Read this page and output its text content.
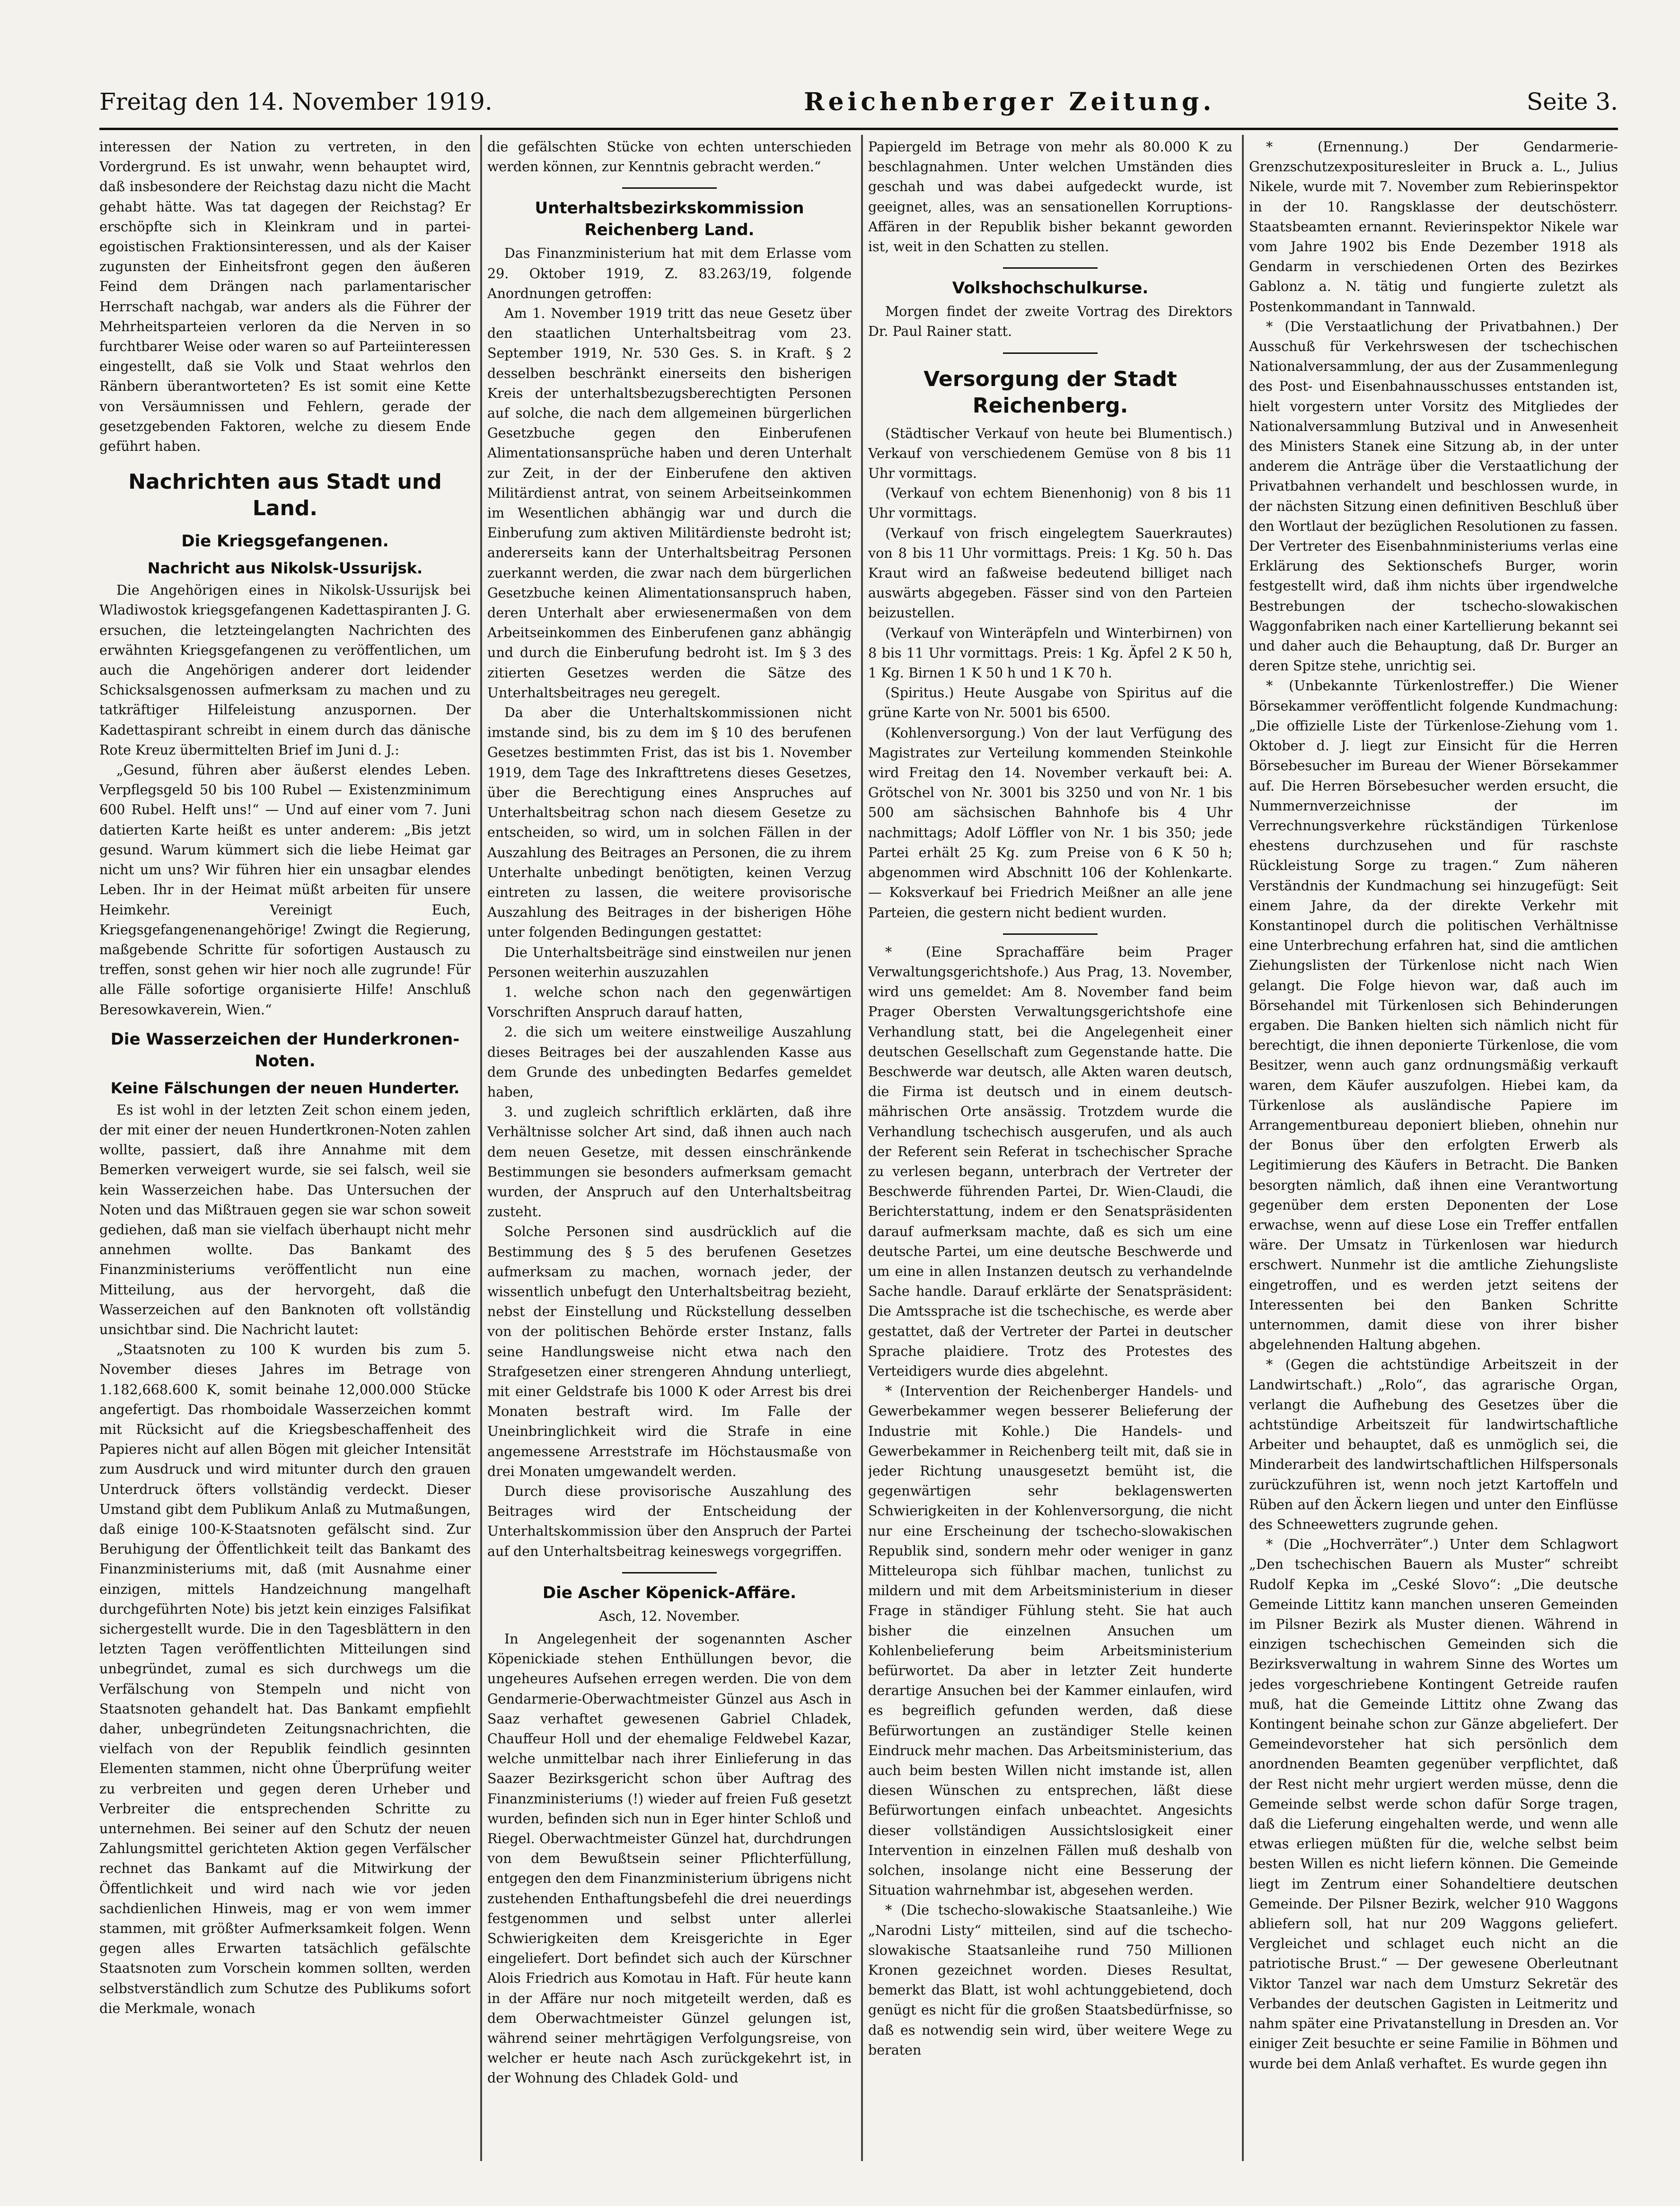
Freitag den 14. November 1919.	Reichenberger Zeitung.	Seite 3.

interessen der Nation zu vertreten, in den Vordergrund. Es ist unwahr, wenn behauptet wird, daß insbesondere der Reichstag dazu nicht die Macht gehabt hätte. Was tat dagegen der Reichstag? Er erschöpfte sich in Kleinkram und in partei-egoistischen Fraktionsinteressen, und als der Kaiser zugunsten der Einheitsfront gegen den äußeren Feind dem Drängen nach parlamentarischer Herrschaft nachgab, war anders als die Führer der Mehrheitsparteien verloren da die Nerven in so furchtbarer Weise oder waren so auf Parteiinteressen eingestellt, daß sie Volk und Staat wehrlos den Ränbern überantworteten? Es ist somit eine Kette von Versäumnissen und Fehlern, gerade der gesetzgebenden Faktoren, welche zu diesem Ende geführt haben.

Nachrichten aus Stadt und Land.
Die Kriegsgefangenen.
Nachricht aus Nikolsk-Ussurijsk.

Die Angehörigen eines in Nikolsk-Ussurijsk bei Wladiwostok kriegsgefangenen Kadettaspiranten J. G. ersuchen, die letzteingelangten Nachrichten des erwähnten Kriegsgefangenen zu veröffentlichen, um auch die Angehörigen anderer dort leidender Schicksalsgenossen aufmerksam zu machen und zu tatkräftiger Hilfeleistung anzuspornen. Der Kadettaspirant schreibt in einem durch das dänische Rote Kreuz übermittelten Brief im Juni d. J.:

„Gesund, führen aber äußerst elendes Leben. Verpflegsgeld 50 bis 100 Rubel — Existenzminimum 600 Rubel. Helft uns!“ — Und auf einer vom 7. Juni datierten Karte heißt es unter anderem: „Bis jetzt gesund. Warum kümmert sich die liebe Heimat gar nicht um uns? Wir führen hier ein unsagbar elendes Leben. Ihr in der Heimat müßt arbeiten für unsere Heimkehr. Vereinigt Euch, Kriegsgefangenenangehörige! Zwingt die Regierung, maßgebende Schritte für sofortigen Austausch zu treffen, sonst gehen wir hier noch alle zugrunde! Für alle Fälle sofortige organisierte Hilfe! Anschluß Beresowkaverein, Wien.“

Die Wasserzeichen der Hunderkronen-Noten.
Keine Fälschungen der neuen Hunderter.

Es ist wohl in der letzten Zeit schon einem jeden, der mit einer der neuen Hundertkronen-Noten zahlen wollte, passiert, daß ihre Annahme mit dem Bemerken verweigert wurde, sie sei falsch, weil sie kein Wasserzeichen habe. Das Untersuchen der Noten und das Mißtrauen gegen sie war schon soweit gediehen, daß man sie vielfach überhaupt nicht mehr annehmen wollte. Das Bankamt des Finanzministeriums veröffentlicht nun eine Mitteilung, aus der hervorgeht, daß die Wasserzeichen auf den Banknoten oft vollständig unsichtbar sind. Die Nachricht lautet:

„Staatsnoten zu 100 K wurden bis zum 5. November dieses Jahres im Betrage von 1.182,668.600 K, somit beinahe 12,000.000 Stücke angefertigt. Das rhomboidale Wasserzeichen kommt mit Rücksicht auf die Kriegsbeschaffenheit des Papieres nicht auf allen Bögen mit gleicher Intensität zum Ausdruck und wird mitunter durch den grauen Unterdruck öfters vollständig verdeckt. Dieser Umstand gibt dem Publikum Anlaß zu Mutmaßungen, daß einige 100-K-Staatsnoten gefälscht sind. Zur Beruhigung der Öffentlichkeit teilt das Bankamt des Finanzministeriums mit, daß (mit Ausnahme einer einzigen, mittels Handzeichnung mangelhaft durchgeführten Note) bis jetzt kein einziges Falsifikat sichergestellt wurde. Die in den Tagesblättern in den letzten Tagen veröffentlichten Mitteilungen sind unbegründet, zumal es sich durchwegs um die Verfälschung von Stempeln und nicht von Staatsnoten gehandelt hat. Das Bankamt empfiehlt daher, unbegründeten Zeitungsnachrichten, die vielfach von der Republik feindlich gesinnten Elementen stammen, nicht ohne Überprüfung weiter zu verbreiten und gegen deren Urheber und Verbreiter die entsprechenden Schritte zu unternehmen. Bei seiner auf den Schutz der neuen Zahlungsmittel gerichteten Aktion gegen Verfälscher rechnet das Bankamt auf die Mitwirkung der Öffentlichkeit und wird nach wie vor jeden sachdienlichen Hinweis, mag er von wem immer stammen, mit größter Aufmerksamkeit folgen. Wenn gegen alles Erwarten tatsächlich gefälschte Staatsnoten zum Vorschein kommen sollten, werden selbstverständlich zum Schutze des Publikums sofort die Merkmale, wonach

die gefälschten Stücke von echten unterschieden werden können, zur Kenntnis gebracht werden.“

Unterhaltsbezirkskommission Reichenberg Land.

Das Finanzministerium hat mit dem Erlasse vom 29. Oktober 1919, Z. 83.263/19, folgende Anordnungen getroffen:

Am 1. November 1919 tritt das neue Gesetz über den staatlichen Unterhaltsbeitrag vom 23. September 1919, Nr. 530 Ges. S. in Kraft. § 2 desselben beschränkt einerseits den bisherigen Kreis der unterhaltsbezugsberechtigten Personen auf solche, die nach dem allgemeinen bürgerlichen Gesetzbuche gegen den Einberufenen Alimentationsansprüche haben und deren Unterhalt zur Zeit, in der der Einberufene den aktiven Militärdienst antrat, von seinem Arbeitseinkommen im Wesentlichen abhängig war und durch die Einberufung zum aktiven Militärdienste bedroht ist; andererseits kann der Unterhaltsbeitrag Personen zuerkannt werden, die zwar nach dem bürgerlichen Gesetzbuche keinen Alimentationsanspruch haben, deren Unterhalt aber erwiesenermaßen von dem Arbeitseinkommen des Einberufenen ganz abhängig und durch die Einberufung bedroht ist. Im § 3 des zitierten Gesetzes werden die Sätze des Unterhaltsbeitrages neu geregelt.

Da aber die Unterhaltskommissionen nicht imstande sind, bis zu dem im § 10 des berufenen Gesetzes bestimmten Frist, das ist bis 1. November 1919, dem Tage des Inkrafttretens dieses Gesetzes, über die Berechtigung eines Anspruches auf Unterhaltsbeitrag schon nach diesem Gesetze zu entscheiden, so wird, um in solchen Fällen in der Auszahlung des Beitrages an Personen, die zu ihrem Unterhalte unbedingt benötigten, keinen Verzug eintreten zu lassen, die weitere provisorische Auszahlung des Beitrages in der bisherigen Höhe unter folgenden Bedingungen gestattet:

Die Unterhaltsbeiträge sind einstweilen nur jenen Personen weiterhin auszuzahlen

1. welche schon nach den gegenwärtigen Vorschriften Anspruch darauf hatten,

2. die sich um weitere einstweilige Auszahlung dieses Beitrages bei der auszahlenden Kasse aus dem Grunde des unbedingten Bedarfes gemeldet haben,

3. und zugleich schriftlich erklärten, daß ihre Verhältnisse solcher Art sind, daß ihnen auch nach dem neuen Gesetze, mit dessen einschränkende Bestimmungen sie besonders aufmerksam gemacht wurden, der Anspruch auf den Unterhaltsbeitrag zusteht.

Solche Personen sind ausdrücklich auf die Bestimmung des § 5 des berufenen Gesetzes aufmerksam zu machen, wornach jeder, der wissentlich unbefugt den Unterhaltsbeitrag bezieht, nebst der Einstellung und Rückstellung desselben von der politischen Behörde erster Instanz, falls seine Handlungsweise nicht etwa nach den Strafgesetzen einer strengeren Ahndung unterliegt, mit einer Geldstrafe bis 1000 K oder Arrest bis drei Monaten bestraft wird. Im Falle der Uneinbringlichkeit wird die Strafe in eine angemessene Arreststrafe im Höchstausmaße von drei Monaten umgewandelt werden.

Durch diese provisorische Auszahlung des Beitrages wird der Entscheidung der Unterhaltskommission über den Anspruch der Partei auf den Unterhaltsbeitrag keineswegs vorgegriffen.

Die Ascher Köpenick-Affäre.
Asch, 12. November.

In Angelegenheit der sogenannten Ascher Köpenickiade stehen Enthüllungen bevor, die ungeheures Aufsehen erregen werden. Die von dem Gendarmerie-Oberwachtmeister Günzel aus Asch in Saaz verhaftet gewesenen Gabriel Chladek, Chauffeur Holl und der ehemalige Feldwebel Kazar, welche unmittelbar nach ihrer Einlieferung in das Saazer Bezirksgericht schon über Auftrag des Finanzministeriums (!) wieder auf freien Fuß gesetzt wurden, befinden sich nun in Eger hinter Schloß und Riegel. Oberwachtmeister Günzel hat, durchdrungen von dem Bewußtsein seiner Pflichterfüllung, entgegen den dem Finanzministerium übrigens nicht zustehenden Enthaftungsbefehl die drei neuerdings festgenommen und selbst unter allerlei Schwierigkeiten dem Kreisgerichte in Eger eingeliefert. Dort befindet sich auch der Kürschner Alois Friedrich aus Komotau in Haft. Für heute kann in der Affäre nur noch mitgeteilt werden, daß es dem Oberwachtmeister Günzel gelungen ist, während seiner mehrtägigen Verfolgungsreise, von welcher er heute nach Asch zurückgekehrt ist, in der Wohnung des Chladek Gold- und

Papiergeld im Betrage von mehr als 80.000 K zu beschlagnahmen. Unter welchen Umständen dies geschah und was dabei aufgedeckt wurde, ist geeignet, alles, was an sensationellen Korruptions-Affären in der Republik bisher bekannt geworden ist, weit in den Schatten zu stellen.

Volkshochschulkurse.

Morgen findet der zweite Vortrag des Direktors Dr. Paul Rainer statt.

Versorgung der Stadt Reichenberg.

(Städtischer Verkauf von heute bei Blumentisch.) Verkauf von verschiedenem Gemüse von 8 bis 11 Uhr vormittags.

(Verkauf von echtem Bienenhonig) von 8 bis 11 Uhr vormittags.

(Verkauf von frisch eingelegtem Sauerkrautes) von 8 bis 11 Uhr vormittags. Preis: 1 Kg. 50 h. Das Kraut wird an faßweise bedeutend billiget nach auswärts abgegeben. Fässer sind von den Parteien beizustellen.

(Verkauf von Winteräpfeln und Winterbirnen) von 8 bis 11 Uhr vormittags. Preis: 1 Kg. Äpfel 2 K 50 h, 1 Kg. Birnen 1 K 50 h und 1 K 70 h.

(Spiritus.) Heute Ausgabe von Spiritus auf die grüne Karte von Nr. 5001 bis 6500.

(Kohlenversorgung.) Von der laut Verfügung des Magistrates zur Verteilung kommenden Steinkohle wird Freitag den 14. November verkauft bei: A. Grötschel von Nr. 3001 bis 3250 und von Nr. 1 bis 500 am sächsischen Bahnhofe bis 4 Uhr nachmittags; Adolf Löffler von Nr. 1 bis 350; jede Partei erhält 25 Kg. zum Preise von 6 K 50 h; abgenommen wird Abschnitt 106 der Kohlenkarte. — Koksverkauf bei Friedrich Meißner an alle jene Parteien, die gestern nicht bedient wurden.

* (Eine Sprachaffäre beim Prager Verwaltungsgerichtshofe.) Aus Prag, 13. November, wird uns gemeldet: Am 8. November fand beim Prager Obersten Verwaltungsgerichtshofe eine Verhandlung statt, bei die Angelegenheit einer deutschen Gesellschaft zum Gegenstande hatte. Die Beschwerde war deutsch, alle Akten waren deutsch, die Firma ist deutsch und in einem deutsch-mährischen Orte ansässig. Trotzdem wurde die Verhandlung tschechisch ausgerufen, und als auch der Referent sein Referat in tschechischer Sprache zu verlesen begann, unterbrach der Vertreter der Beschwerde führenden Partei, Dr. Wien-Claudi, die Berichterstattung, indem er den Senatspräsidenten darauf aufmerksam machte, daß es sich um eine deutsche Partei, um eine deutsche Beschwerde und um eine in allen Instanzen deutsch zu verhandelnde Sache handle. Darauf erklärte der Senatspräsident: Die Amtssprache ist die tschechische, es werde aber gestattet, daß der Vertreter der Partei in deutscher Sprache plaidiere. Trotz des Protestes des Verteidigers wurde dies abgelehnt.

* (Intervention der Reichenberger Handels- und Gewerbekammer wegen besserer Belieferung der Industrie mit Kohle.) Die Handels- und Gewerbekammer in Reichenberg teilt mit, daß sie in jeder Richtung unausgesetzt bemüht ist, die gegenwärtigen sehr beklagenswerten Schwierigkeiten in der Kohlenversorgung, die nicht nur eine Erscheinung der tschecho-slowakischen Republik sind, sondern mehr oder weniger in ganz Mitteleuropa sich fühlbar machen, tunlichst zu mildern und mit dem Arbeitsministerium in dieser Frage in ständiger Fühlung steht. Sie hat auch bisher die einzelnen Ansuchen um Kohlenbelieferung beim Arbeitsministerium befürwortet. Da aber in letzter Zeit hunderte derartige Ansuchen bei der Kammer einlaufen, wird es begreiflich gefunden werden, daß diese Befürwortungen an zuständiger Stelle keinen Eindruck mehr machen. Das Arbeitsministerium, das auch beim besten Willen nicht imstande ist, allen diesen Wünschen zu entsprechen, läßt diese Befürwortungen einfach unbeachtet. Angesichts dieser vollständigen Aussichtslosigkeit einer Intervention in einzelnen Fällen muß deshalb von solchen, insolange nicht eine Besserung der Situation wahrnehmbar ist, abgesehen werden.

* (Die tschecho-slowakische Staatsanleihe.) Wie „Narodni Listy“ mitteilen, sind auf die tschecho-slowakische Staatsanleihe rund 750 Millionen Kronen gezeichnet worden. Dieses Resultat, bemerkt das Blatt, ist wohl achtunggebietend, doch genügt es nicht für die großen Staatsbedürfnisse, so daß es notwendig sein wird, über weitere Wege zu beraten

* (Ernennung.) Der Gendarmerie-Grenzschutzexposituresleiter in Bruck a. L., Julius Nikele, wurde mit 7. November zum Rebierinspektor in der 10. Rangsklasse der deutschösterr. Staatsbeamten ernannt. Revierinspektor Nikele war vom Jahre 1902 bis Ende Dezember 1918 als Gendarm in verschiedenen Orten des Bezirkes Gablonz a. N. tätig und fungierte zuletzt als Postenkommandant in Tannwald.

* (Die Verstaatlichung der Privatbahnen.) Der Ausschuß für Verkehrswesen der tschechischen Nationalversammlung, der aus der Zusammenlegung des Post- und Eisenbahnausschusses entstanden ist, hielt vorgestern unter Vorsitz des Mitgliedes der Nationalversammlung Butzival und in Anwesenheit des Ministers Stanek eine Sitzung ab, in der unter anderem die Anträge über die Verstaatlichung der Privatbahnen verhandelt und beschlossen wurde, in der nächsten Sitzung einen definitiven Beschluß über den Wortlaut der bezüglichen Resolutionen zu fassen. Der Vertreter des Eisenbahnministeriums verlas eine Erklärung des Sektionschefs Burger, worin festgestellt wird, daß ihm nichts über irgendwelche Bestrebungen der tschecho-slowakischen Waggonfabriken nach einer Kartellierung bekannt sei und daher auch die Behauptung, daß Dr. Burger an deren Spitze stehe, unrichtig sei.

* (Unbekannte Türkenlostreffer.) Die Wiener Börsekammer veröffentlicht folgende Kundmachung: „Die offizielle Liste der Türkenlose-Ziehung vom 1. Oktober d. J. liegt zur Einsicht für die Herren Börsebesucher im Bureau der Wiener Börsekammer auf. Die Herren Börsebesucher werden ersucht, die Nummernverzeichnisse der im Verrechnungsverkehre rückständigen Türkenlose ehestens durchzusehen und für raschste Rückleistung Sorge zu tragen.“ Zum näheren Verständnis der Kundmachung sei hinzugefügt: Seit einem Jahre, da der direkte Verkehr mit Konstantinopel durch die politischen Verhältnisse eine Unterbrechung erfahren hat, sind die amtlichen Ziehungslisten der Türkenlose nicht nach Wien gelangt. Die Folge hievon war, daß auch im Börsehandel mit Türkenlosen sich Behinderungen ergaben. Die Banken hielten sich nämlich nicht für berechtigt, die ihnen deponierte Türkenlose, die vom Besitzer, wenn auch ganz ordnungsmäßig verkauft waren, dem Käufer auszufolgen. Hiebei kam, da Türkenlose als ausländische Papiere im Arrangementbureau deponiert blieben, ohnehin nur der Bonus über den erfolgten Erwerb als Legitimierung des Käufers in Betracht. Die Banken besorgten nämlich, daß ihnen eine Verantwortung gegenüber dem ersten Deponenten der Lose erwachse, wenn auf diese Lose ein Treffer entfallen wäre. Der Umsatz in Türkenlosen war hiedurch erschwert. Nunmehr ist die amtliche Ziehungsliste eingetroffen, und es werden jetzt seitens der Interessenten bei den Banken Schritte unternommen, damit diese von ihrer bisher abgelehnenden Haltung abgehen.

* (Gegen die achtstündige Arbeitszeit in der Landwirtschaft.) „Rolo“, das agrarische Organ, verlangt die Aufhebung des Gesetzes über die achtstündige Arbeitszeit für landwirtschaftliche Arbeiter und behauptet, daß es unmöglich sei, die Minderarbeit des landwirtschaftlichen Hilfspersonals zurückzuführen ist, wenn noch jetzt Kartoffeln und Rüben auf den Äckern liegen und unter den Einflüsse des Schneewetters zugrunde gehen.

* (Die „Hochverräter“.) Unter dem Schlagwort „Den tschechischen Bauern als Muster“ schreibt Rudolf Kepka im „Ceské Slovo“: „Die deutsche Gemeinde Littitz kann manchen unseren Gemeinden im Pilsner Bezirk als Muster dienen. Während in einzigen tschechischen Gemeinden sich die Bezirksverwaltung in wahrem Sinne des Wortes um jedes vorgeschriebene Kontingent Getreide raufen muß, hat die Gemeinde Littitz ohne Zwang das Kontingent beinahe schon zur Gänze abgeliefert. Der Gemeindevorsteher hat sich persönlich dem anordnenden Beamten gegenüber verpflichtet, daß der Rest nicht mehr urgiert werden müsse, denn die Gemeinde selbst werde schon dafür Sorge tragen, daß die Lieferung eingehalten werde, und wenn alle etwas erliegen müßten für die, welche selbst beim besten Willen es nicht liefern können. Die Gemeinde liegt im Zentrum einer Sohandeltiere deutschen Gemeinde. Der Pilsner Bezirk, welcher 910 Waggons abliefern soll, hat nur 209 Waggons geliefert. Vergleichet und schlaget euch nicht an die patriotische Brust.“ — Der gewesene Oberleutnant Viktor Tanzel war nach dem Umsturz Sekretär des Verbandes der deutschen Gagisten in Leitmeritz und nahm später eine Privatanstellung in Dresden an. Vor einiger Zeit besuchte er seine Familie in Böhmen und wurde bei dem Anlaß verhaftet. Es wurde gegen ihn
